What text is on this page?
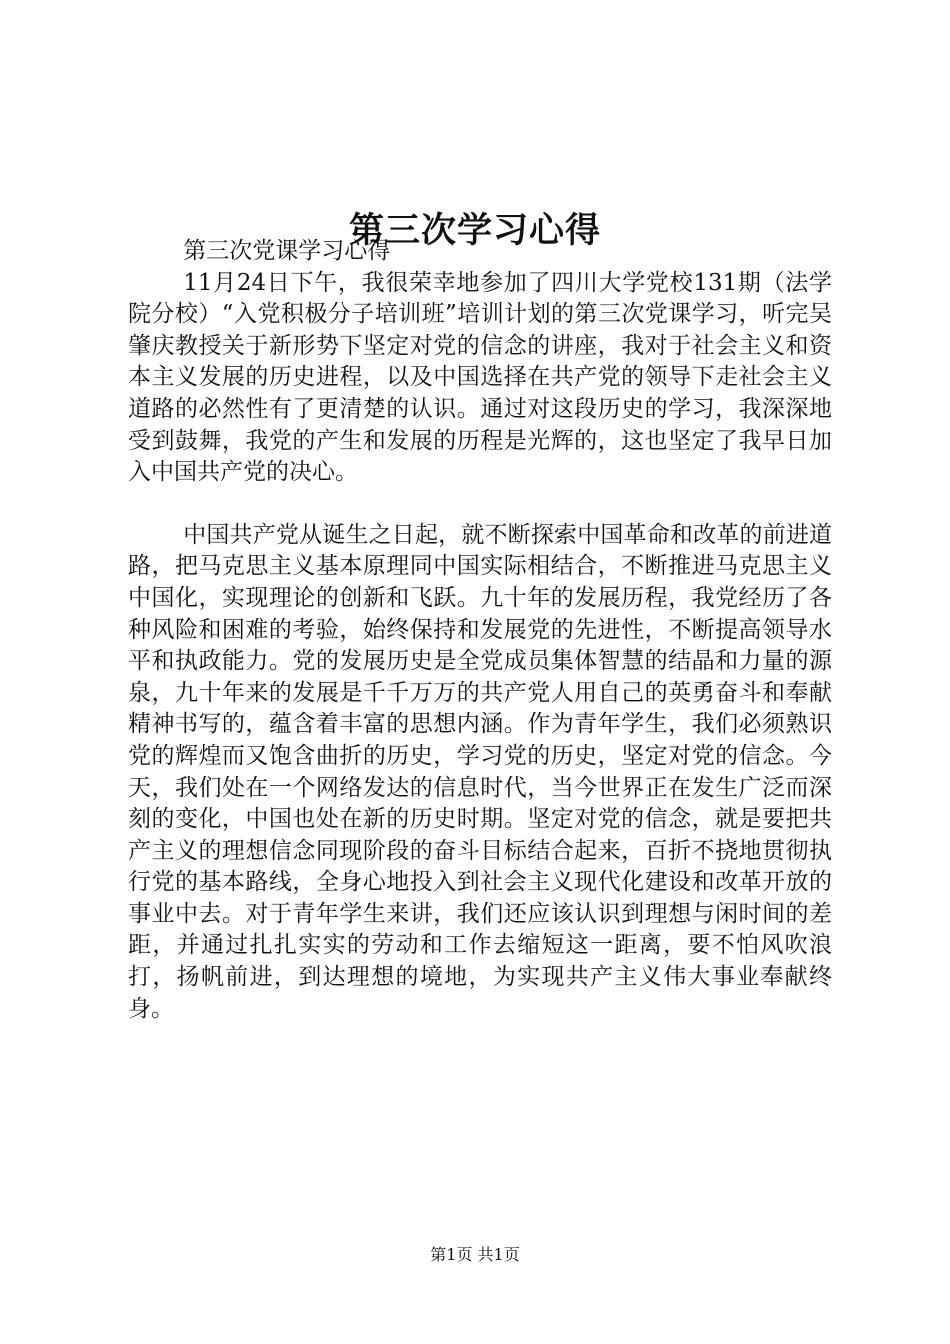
第三次学习心得

第三次党课学习心得

11月24日下午，我很荣幸地参加了四川大学党校131期（法学院分校）“入党积极分子培训班”培训计划的第三次党课学习，听完吴肇庆教授关于新形势下坚定对党的信念的讲座，我对于社会主义和资本主义发展的历史进程，以及中国选择在共产党的领导下走社会主义道路的必然性有了更清楚的认识。通过对这段历史的学习，我深深地受到鼓舞，我党的产生和发展的历程是光辉的，这也坚定了我早日加入中国共产党的决心。

中国共产党从诞生之日起，就不断探索中国革命和改革的前进道路，把马克思主义基本原理同中国实际相结合，不断推进马克思主义中国化，实现理论的创新和飞跃。九十年的发展历程，我党经历了各种风险和困难的考验，始终保持和发展党的先进性，不断提高领导水平和执政能力。党的发展历史是全党成员集体智慧的结晶和力量的源泉，九十年来的发展是千千万万的共产党人用自己的英勇奋斗和奉献精神书写的，蕴含着丰富的思想内涵。作为青年学生，我们必须熟识党的辉煌而又饱含曲折的历史，学习党的历史，坚定对党的信念。今天，我们处在一个网络发达的信息时代，当今世界正在发生广泛而深刻的变化，中国也处在新的历史时期。坚定对党的信念，就是要把共产主义的理想信念同现阶段的奋斗目标结合起来，百折不挠地贯彻执行党的基本路线，全身心地投入到社会主义现代化建设和改革开放的事业中去。对于青年学生来讲，我们还应该认识到理想与闲时间的差距，并通过扎扎实实的劳动和工作去缩短这一距离，要不怕风吹浪打，扬帆前进，到达理想的境地，为实现共产主义伟大事业奉献终身。

第1页 共1页
